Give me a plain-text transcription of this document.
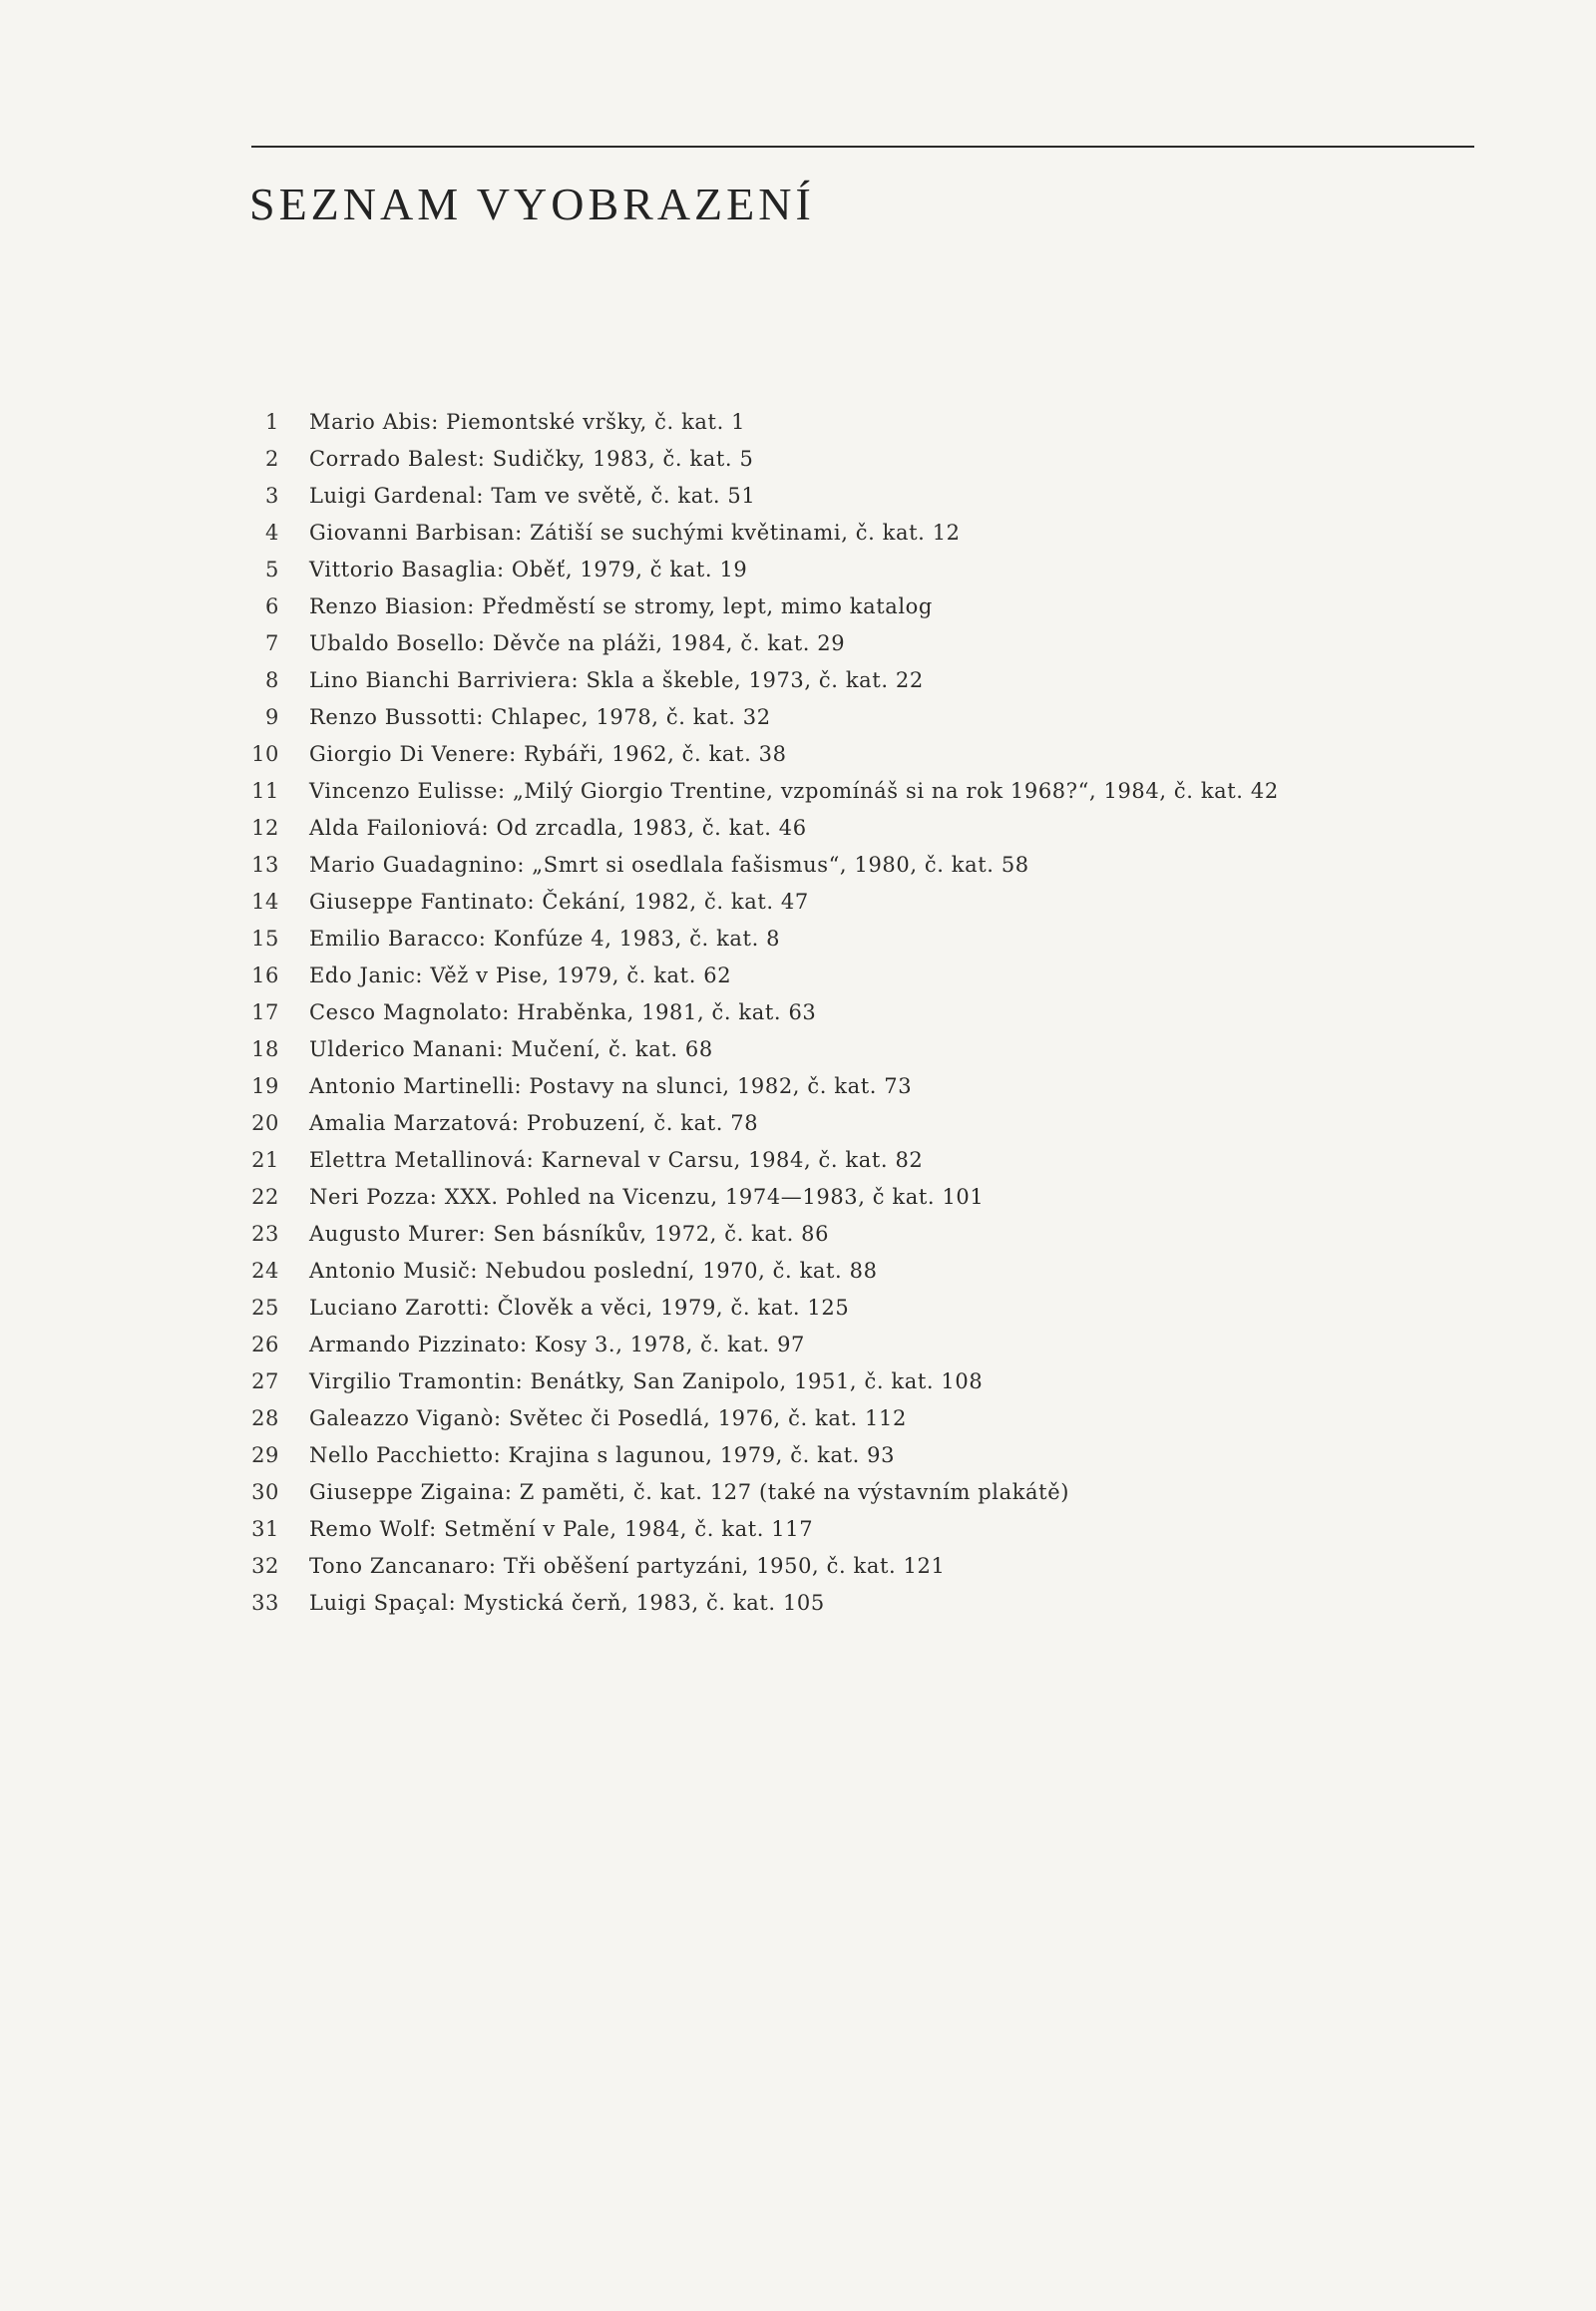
SEZNAM VYOBRAZENÍ
1 Mario Abis: Piemontské vršky, č. kat. 1
2 Corrado Balest: Sudičky, 1983, č. kat. 5
3 Luigi Gardenal: Tam ve světě, č. kat. 51
4 Giovanni Barbisan: Zátiší se suchými květinami, č. kat. 12
5 Vittorio Basaglia: Oběť, 1979, č kat. 19
6 Renzo Biasion: Předměstí se stromy, lept, mimo katalog
7 Ubaldo Bosello: Děvče na pláži, 1984, č. kat. 29
8 Lino Bianchi Barriviera: Skla a škeble, 1973, č. kat. 22
9 Renzo Bussotti: Chlapec, 1978, č. kat. 32
10 Giorgio Di Venere: Rybáři, 1962, č. kat. 38
11 Vincenzo Eulisse: „Milý Giorgio Trentine, vzpomínáš si na rok 1968?“, 1984, č. kat. 42
12 Alda Failoniová: Od zrcadla, 1983, č. kat. 46
13 Mario Guadagnino: „Smrt si osedlala fašismus“, 1980, č. kat. 58
14 Giuseppe Fantinato: Čekání, 1982, č. kat. 47
15 Emilio Baracco: Konfúze 4, 1983, č. kat. 8
16 Edo Janic: Věž v Pise, 1979, č. kat. 62
17 Cesco Magnolato: Hraběnka, 1981, č. kat. 63
18 Ulderico Manani: Mučení, č. kat. 68
19 Antonio Martinelli: Postavy na slunci, 1982, č. kat. 73
20 Amalia Marzatová: Probuzení, č. kat. 78
21 Elettra Metallinová: Karneval v Carsu, 1984, č. kat. 82
22 Neri Pozza: XXX. Pohled na Vicenzu, 1974—1983, č kat. 101
23 Augusto Murer: Sen básníkův, 1972, č. kat. 86
24 Antonio Musič: Nebudou poslední, 1970, č. kat. 88
25 Luciano Zarotti: Člověk a věci, 1979, č. kat. 125
26 Armando Pizzinato: Kosy 3., 1978, č. kat. 97
27 Virgilio Tramontin: Benátky, San Zanipolo, 1951, č. kat. 108
28 Galeazzo Viganò: Světec či Posedlá, 1976, č. kat. 112
29 Nello Pacchietto: Krajina s lagunou, 1979, č. kat. 93
30 Giuseppe Zigaina: Z paměti, č. kat. 127 (také na výstavním plakátě)
31 Remo Wolf: Setmění v Pale, 1984, č. kat. 117
32 Tono Zancanaro: Tři oběšení partyzáni, 1950, č. kat. 121
33 Luigi Spaçal: Mystická čerň, 1983, č. kat. 105
